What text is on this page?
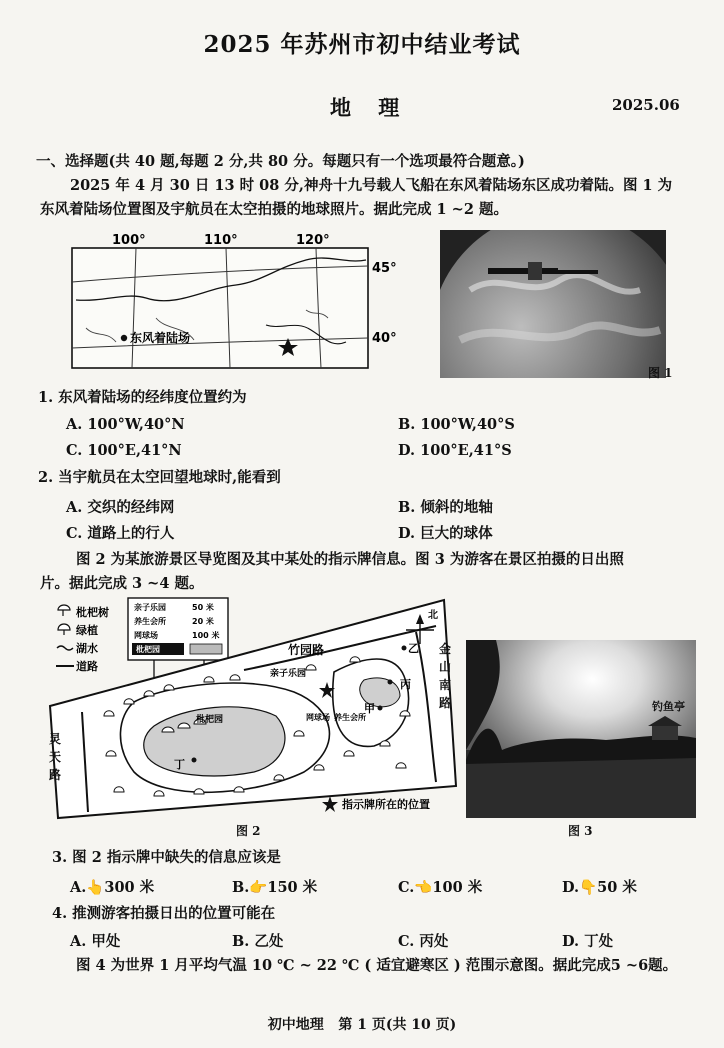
2025 年苏州市初中结业考试
地 理	2025.06
一、选择题(共 40 题,每题 2 分,共 80 分。每题只有一个选项最符合题意。)
2025 年 4 月 30 日 13 时 08 分,神舟十九号载人飞船在东风着陆场东区成功着陆。图 1 为
东风着陆场位置图及宇航员在太空拍摄的地球照片。据此完成 1 ~2 题。
东风着陆场
100°	110°	120°
45°
40°
图 1
1. 东风着陆场的经纬度位置约为
A. 100°W,40°N	B. 100°W,40°S
C. 100°E,41°N	D. 100°E,41°S
2. 当宇航员在太空回望地球时,能看到
A. 交织的经纬网	B. 倾斜的地轴
C. 道路上的行人	D. 巨大的球体
图 2 为某旅游景区导览图及其中某处的指示牌信息。图 3 为游客在景区拍摄的日出照
片。据此完成 3 ~4 题。
枇杷树
绿植
湖水
道路
亲子乐园	50 米
养生会所	20 米
网球场	100 米
枇杷园	竹园路
枇杷园
亲子乐园
网球场 养生会所
丁
甲
乙
丙
北
指示牌所在的位置
灵天路
金山南路
图 2
钓鱼亭
图 3
3. 图 2 指示牌中缺失的信息应该是
A.👆300 米	B.👉150 米	C.👈100 米	D.👇50 米
4. 推测游客拍摄日出的位置可能在
A. 甲处	B. 乙处	C. 丙处	D. 丁处
图 4 为世界 1 月平均气温 10 ℃ ~ 22 ℃ ( 适宜避寒区 ) 范围示意图。据此完成5 ~6题。
初中地理   第 1 页(共 10 页)
